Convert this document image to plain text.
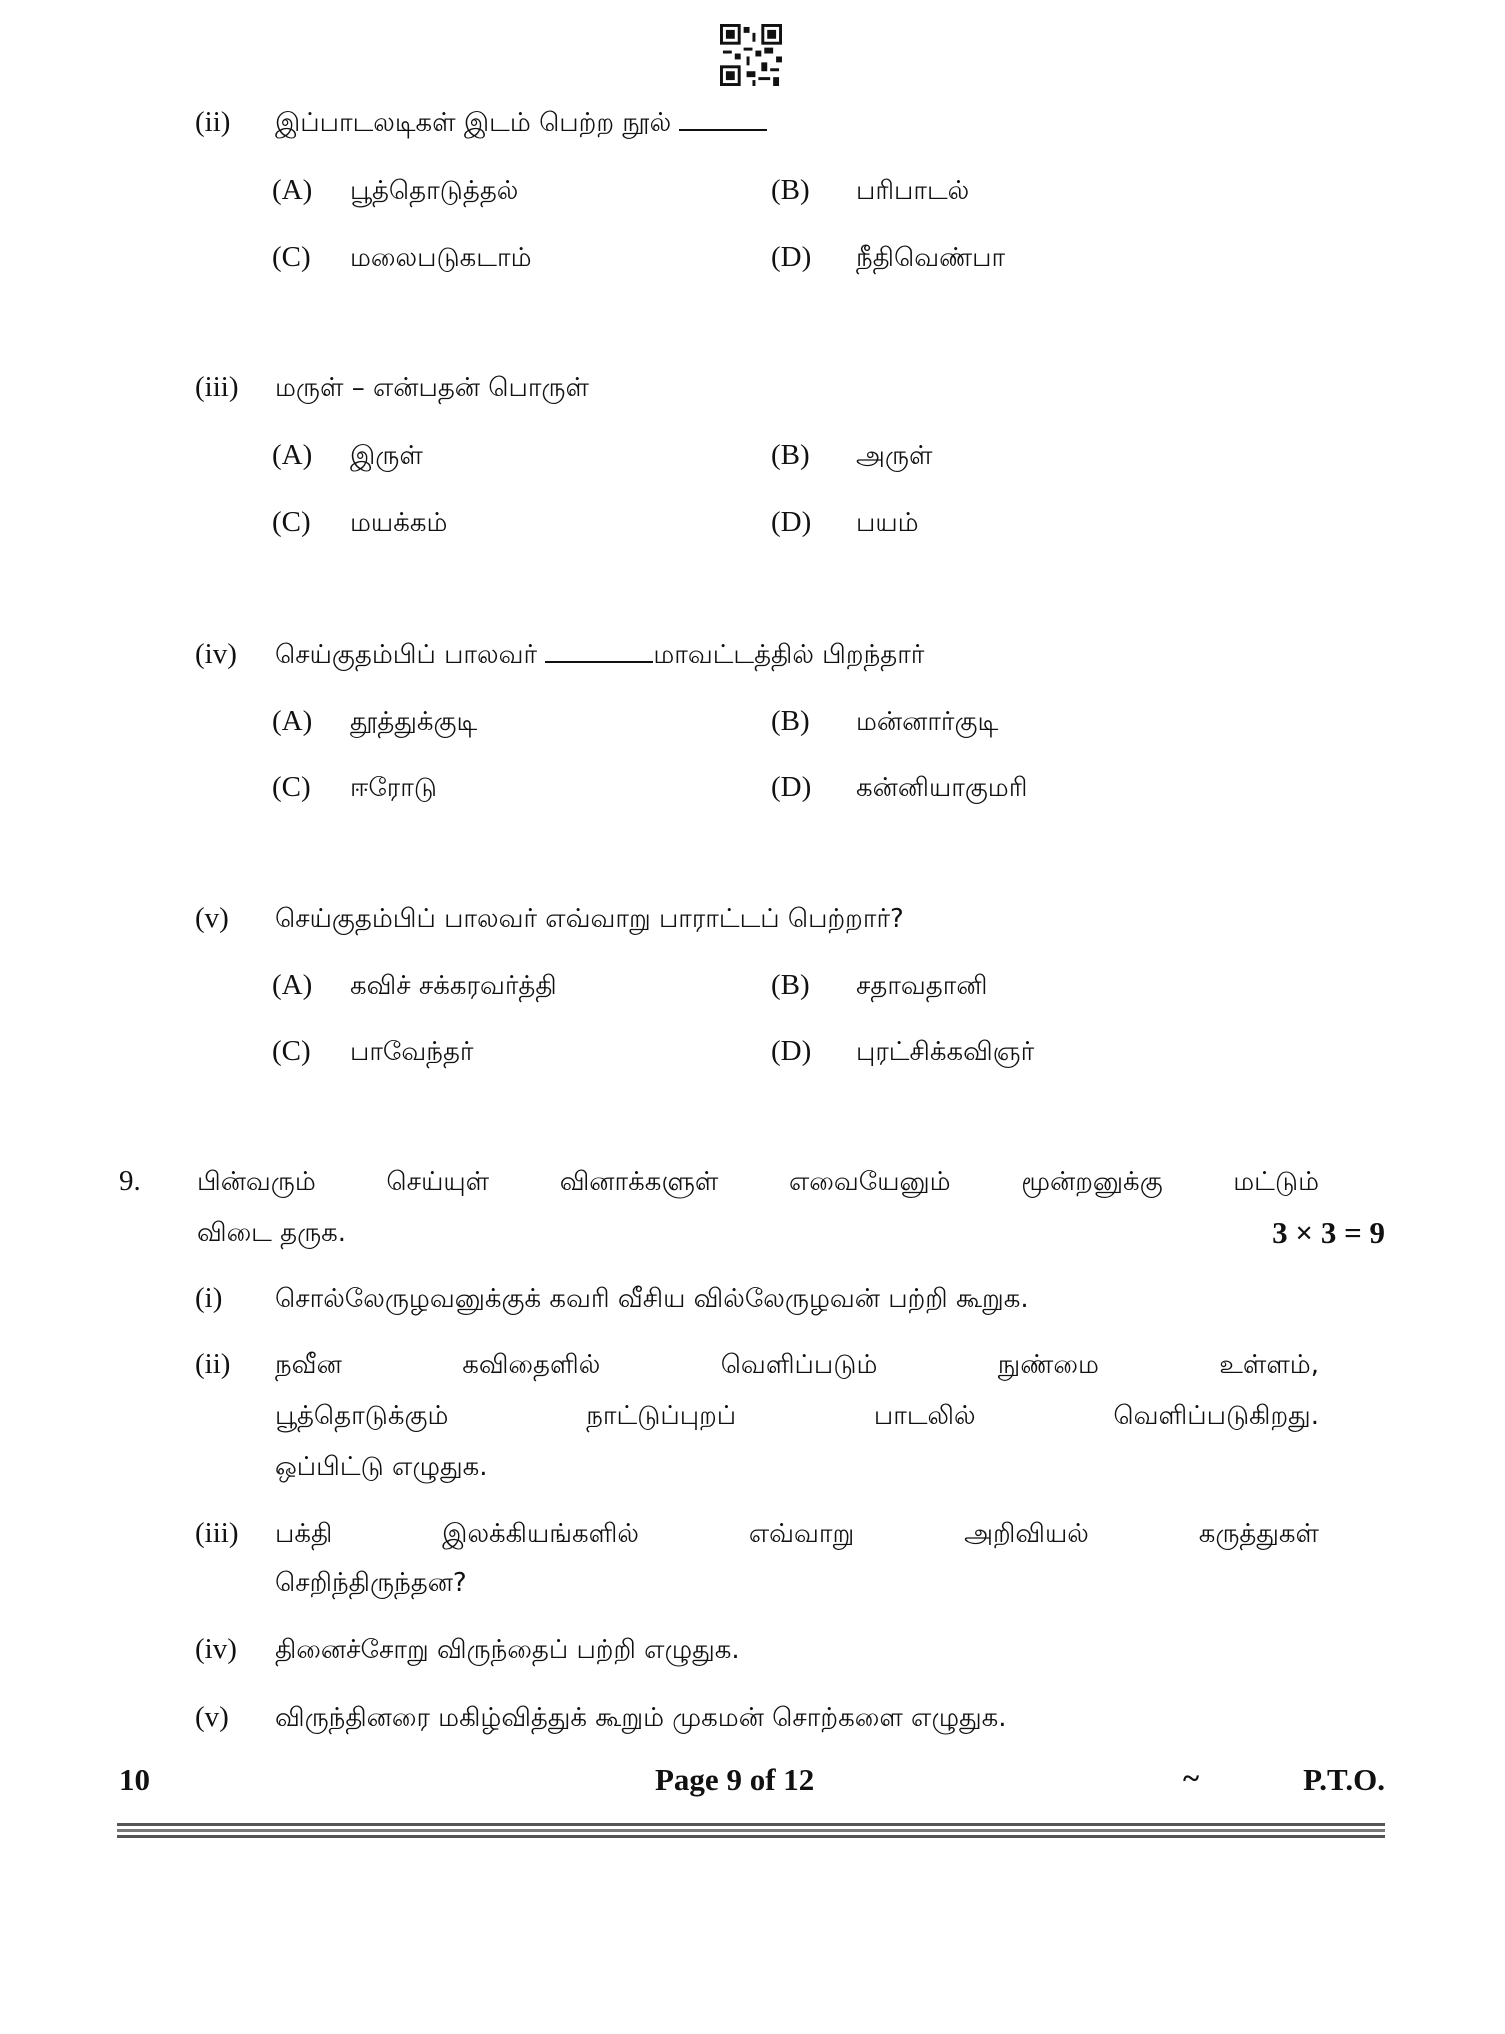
(ii) இப்பாடலடிகள் இடம் பெற்ற நூல்
(A) பூத்தொடுத்தல்	(B) பரிபாடல்
(C) மலைபடுகடாம்	(D) நீதிவெண்பா
(iii) மருள் – என்பதன் பொருள்
(A) இருள்	(B) அருள்
(C) மயக்கம்	(D) பயம்
(iv) செய்குதம்பிப் பாலவர்	மாவட்டத்தில் பிறந்தார்
(A) தூத்துக்குடி	(B) மன்னார்குடி
(C) ஈரோடு	(D) கன்னியாகுமரி
(v) செய்குதம்பிப் பாலவர் எவ்வாறு பாராட்டப் பெற்றார்?
(A) கவிச் சக்கரவர்த்தி	(B) சதாவதானி
(C) பாவேந்தர்	(D) புரட்சிக்கவிஞர்
9. பின்வரும் செய்யுள் வினாக்களுள் எவையேனும் மூன்றனுக்கு மட்டும்
விடை தருக.	3 × 3 = 9
(i) சொல்லேருழவனுக்குக் கவரி வீசிய வில்லேருழவன் பற்றி கூறுக.
(ii) நவீன கவிதைளில் வெளிப்படும் நுண்மை உள்ளம்,
பூத்தொடுக்கும் நாட்டுப்புறப் பாடலில் வெளிப்படுகிறது.
ஒப்பிட்டு எழுதுக.
(iii) பக்தி இலக்கியங்களில் எவ்வாறு அறிவியல் கருத்துகள்
செறிந்திருந்தன?
(iv) தினைச்சோறு விருந்தைப் பற்றி எழுதுக.
(v) விருந்தினரை மகிழ்வித்துக் கூறும் முகமன் சொற்களை எழுதுக.
10	Page 9 of 12	~	P.T.O.
